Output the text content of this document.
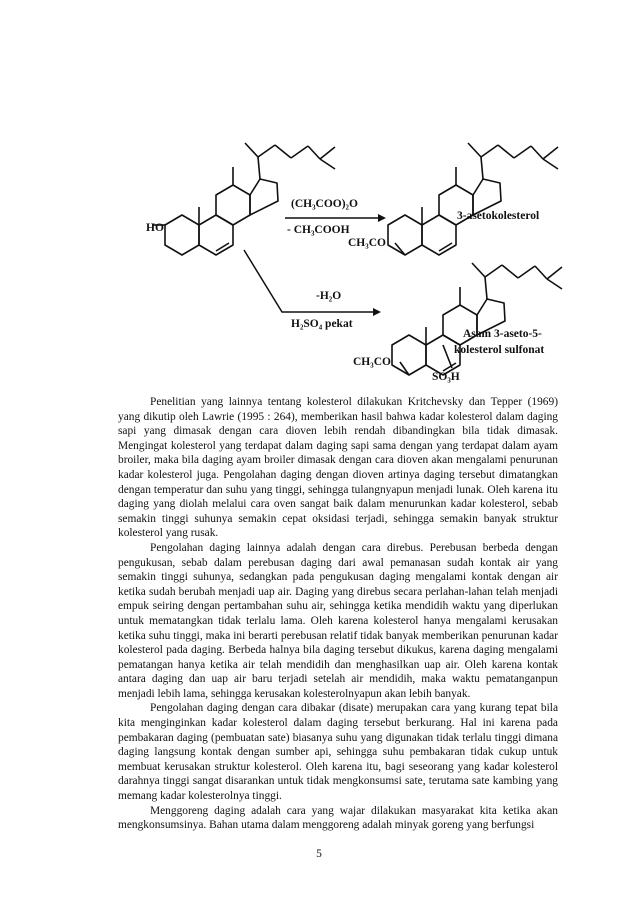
HO
(CH₃COO)₂O
- CH₃COOH
CH₃CO
3-asetokolesterol
-H₂O
H₂SO₄ pekat
CH₃CO
Asam 3-aseto-5-
kolesterol sulfonat
SO₃H

Penelitian yang lainnya tentang kolesterol dilakukan Kritchevsky dan Tepper (1969) yang dikutip oleh Lawrie (1995 : 264), memberikan hasil bahwa kadar kolesterol dalam daging sapi yang dimasak dengan cara dioven lebih rendah dibandingkan bila tidak dimasak. Mengingat kolesterol yang terdapat dalam daging sapi sama dengan yang terdapat dalam ayam broiler, maka bila daging ayam broiler dimasak dengan cara dioven akan mengalami penurunan kadar kolesterol juga. Pengolahan daging dengan dioven artinya daging tersebut dimatangkan dengan temperatur dan suhu yang tinggi, sehingga tulangnyapun menjadi lunak. Oleh karena itu daging yang diolah melalui cara oven sangat baik dalam menurunkan kadar kolesterol, sebab semakin tinggi suhunya semakin cepat oksidasi terjadi, sehingga semakin banyak struktur kolesterol yang rusak.

Pengolahan daging lainnya adalah dengan cara direbus. Perebusan berbeda dengan pengukusan, sebab dalam perebusan daging dari awal pemanasan sudah kontak air yang semakin tinggi suhunya, sedangkan pada pengukusan daging mengalami kontak dengan air ketika sudah berubah menjadi uap air. Daging yang direbus secara perlahan-lahan telah menjadi empuk seiring dengan pertambahan suhu air, sehingga ketika mendidih waktu yang diperlukan untuk mematangkan tidak terlalu lama. Oleh karena kolesterol hanya mengalami kerusakan ketika suhu tinggi, maka ini berarti perebusan relatif tidak banyak memberikan penurunan kadar kolesterol pada daging. Berbeda halnya bila daging tersebut dikukus, karena daging mengalami pematangan hanya ketika air telah mendidih dan menghasilkan uap air. Oleh karena kontak antara daging dan uap air baru terjadi setelah air mendidih, maka waktu pematanganpun menjadi lebih lama, sehingga kerusakan kolesterolnyapun akan lebih banyak.

Pengolahan daging dengan cara dibakar (disate) merupakan cara yang kurang tepat bila kita menginginkan kadar kolesterol dalam daging tersebut berkurang. Hal ini karena pada pembakaran daging (pembuatan sate) biasanya suhu yang digunakan tidak terlalu tinggi dimana daging langsung kontak dengan sumber api, sehingga suhu pembakaran tidak cukup untuk membuat kerusakan struktur kolesterol. Oleh karena itu, bagi seseorang yang kadar kolesterol darahnya tinggi sangat disarankan untuk tidak mengkonsumsi sate, terutama sate kambing yang memang kadar kolesterolnya tinggi.

Menggoreng daging adalah cara yang wajar dilakukan masyarakat kita ketika akan mengkonsumsinya. Bahan utama dalam menggoreng adalah minyak goreng yang berfungsi

5
